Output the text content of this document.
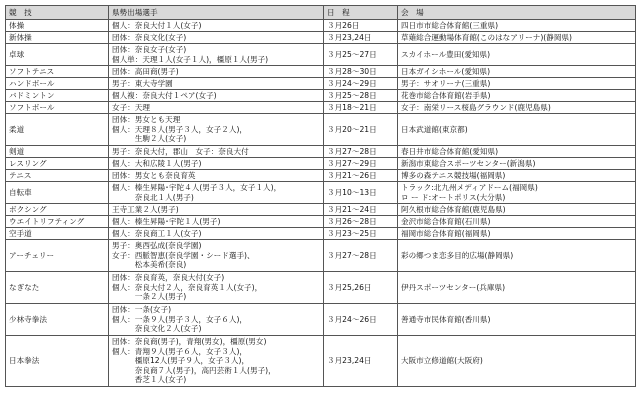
競　技	県勢出場選手	日　程	会　場
体操	個人：奈良大付１人(女子)	３月26日	四日市市総合体育館(三重県)

新体操	団体：奈良文化(女子)	３月23,24日	草薙総合運動場体育館(このはなアリーナ)(静岡県)

卓球	団体：奈良女子(女子)
個人単：天理１人(女子１人)，橿原１人(男子)	３月25〜27日	スカイホール豊田(愛知県)

ソフトテニス	団体：高田商(男子)	３月28〜30日	日本ガイシホール(愛知県)

ハンドボール	男子：東大寺学園	３月24〜29日	男子：サオリーナ(三重県)

バドミントン	個人複：奈良大付１ペア(女子)	３月25〜28日	花巻市総合体育館(岩手県)

ソフトボール	女子：天理	３月18〜21日	女子：南栄リース桜島グラウンド(鹿児島県)

柔道	団体：男女とも天理
個人：天理８人(男子３人，女子２人)，
　　　生駒２人(女子)	３月20〜21日	日本武道館(東京都)

剣道	男子：奈良大付，郡山　女子：奈良大付	３月27〜28日	春日井市総合体育館(愛知県)

レスリング	個人：大和広陵１人(男子)	３月27〜29日	新潟市東総合スポーツセンター(新潟県)

テニス	団体：男女とも奈良育英	３月21〜26日	博多の森テニス競技場(福岡県)

自転車	個人：榛生昇陽･宇陀４人(男子３人，女子１人)，
　　　奈良北１人(男子)	３月10〜13日	トラック:北九州メディアドーム(福岡県)
ロ ー ド:オートポリス(大分県)

ボクシング	王寺工業２人(男子)	３月21〜24日	阿久根市総合体育館(鹿児島県)

ウエイトリフティング	個人：榛生昇陽･宇陀１人(男子)	３月26〜28日	金沢市総合体育館(石川県)

空手道	個人：奈良商工１人(女子)	３月23〜25日	福岡市総合体育館(福岡県)

アーチェリー	男子：奥西弘成(奈良学園)
女子：西脈智恵(奈良学園・シード選手)、
　　　松本美希(奈良)	３月27〜28日	彩の郷つま恋多目的広場(静岡県)

なぎなた	団体：奈良育英，奈良大付(女子)
個人：奈良大付２人，奈良育英１人(女子)，
　　　一条２人(男子)	３月25,26日	伊丹スポーツセンター(兵庫県)

少林寺拳法	団体：一条(女子)
個人：一条９人(男子３人，女子６人)，
　　　奈良文化２人(女子)	３月24〜26日	善通寺市民体育館(香川県)

日本拳法	団体：奈良商(男子)，青翔(男女)，橿原(男女)
個人：青翔９人(男子６人，女子３人)，
　　　橿原12人(男子９人，女子３人)，
　　　奈良商７人(男子)，高円芸術１人(男子)，
　　　香芝１人(女子)	３月23,24日	大阪市立修道館(大阪府)
